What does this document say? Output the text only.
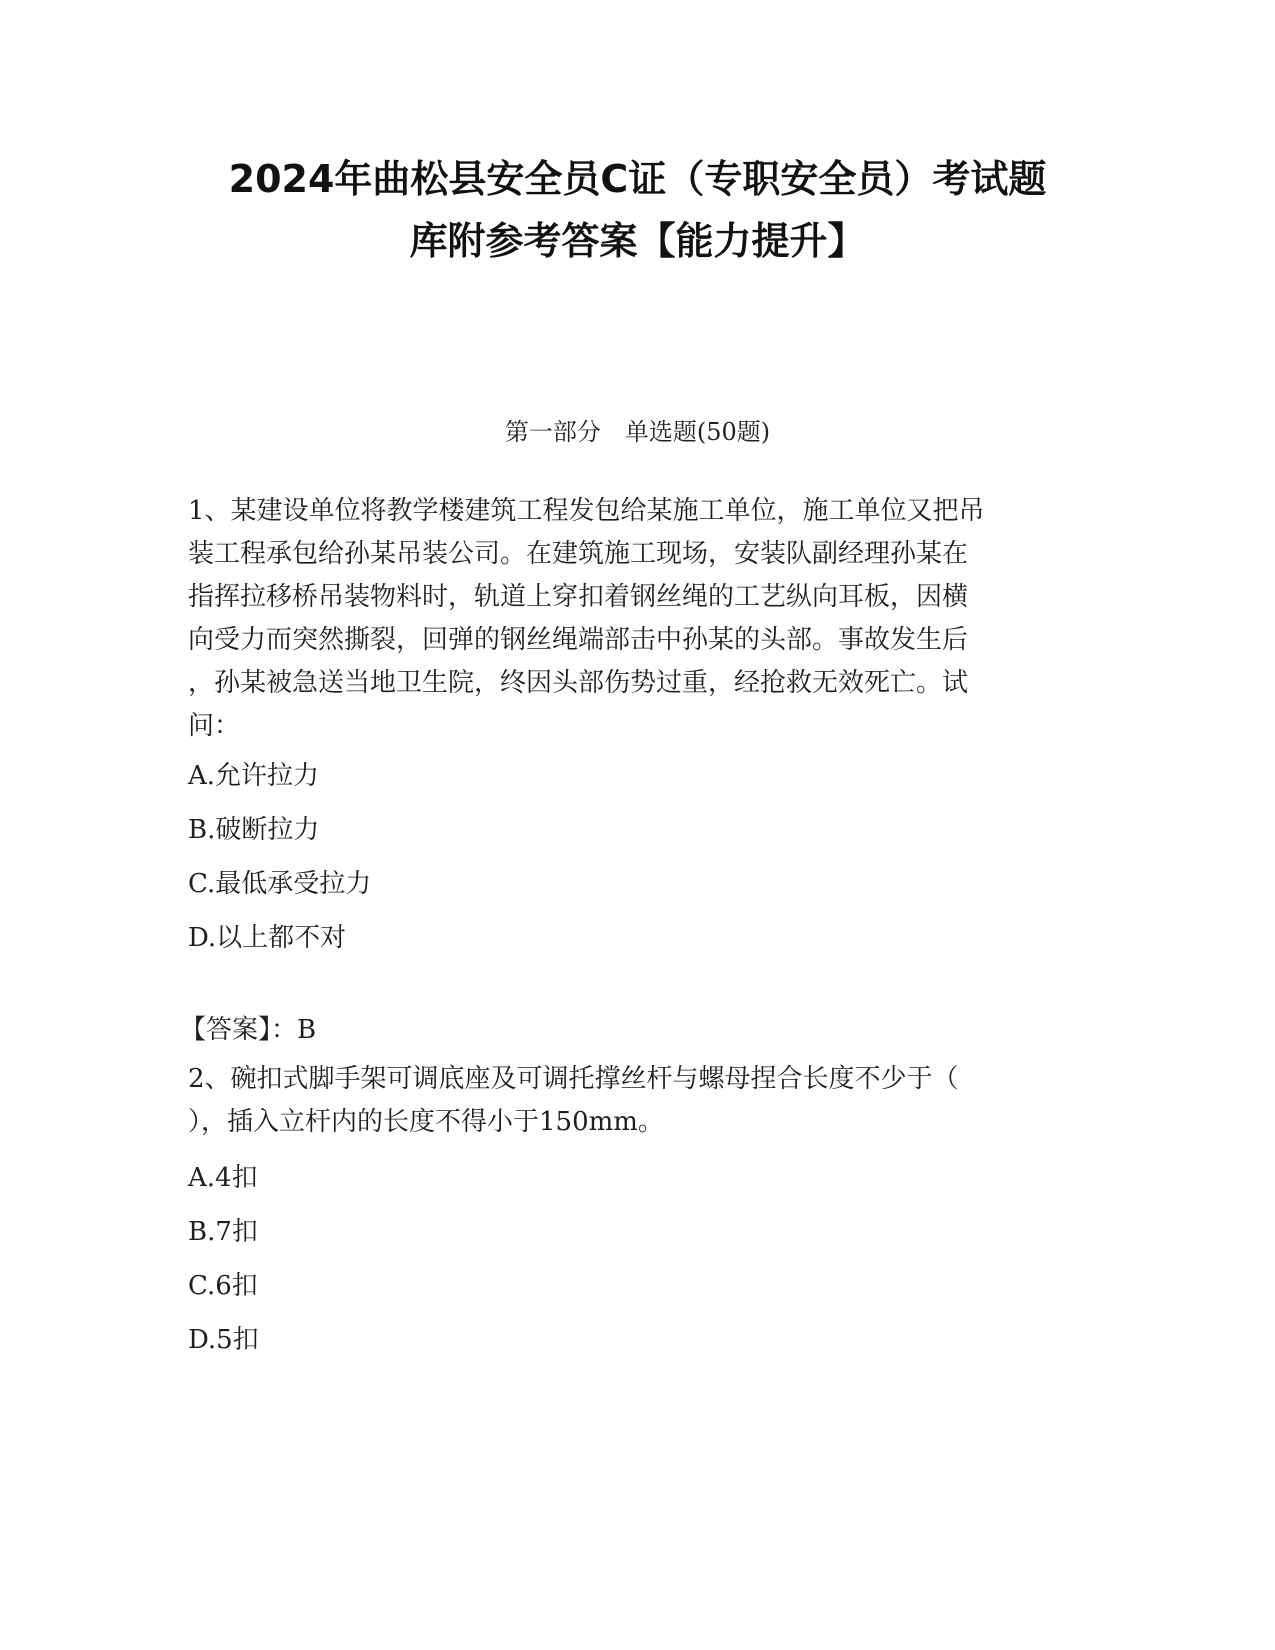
2024年曲松县安全员C证（专职安全员）考试题
库附参考答案【能力提升】
第一部分　单选题(50题)
1、某建设单位将教学楼建筑工程发包给某施工单位，施工单位又把吊
装工程承包给孙某吊装公司。在建筑施工现场，安装队副经理孙某在
指挥拉移桥吊装物料时，轨道上穿扣着钢丝绳的工艺纵向耳板，因横
向受力而突然撕裂，回弹的钢丝绳端部击中孙某的头部。事故发生后
，孙某被急送当地卫生院，终因头部伤势过重，经抢救无效死亡。试
问：
A.允许拉力
B.破断拉力
C.最低承受拉力
D.以上都不对
【答案】：B
2、碗扣式脚手架可调底座及可调托撑丝杆与螺母捏合长度不少于（
），插入立杆内的长度不得小于150mm。
A.4扣
B.7扣
C.6扣
D.5扣
